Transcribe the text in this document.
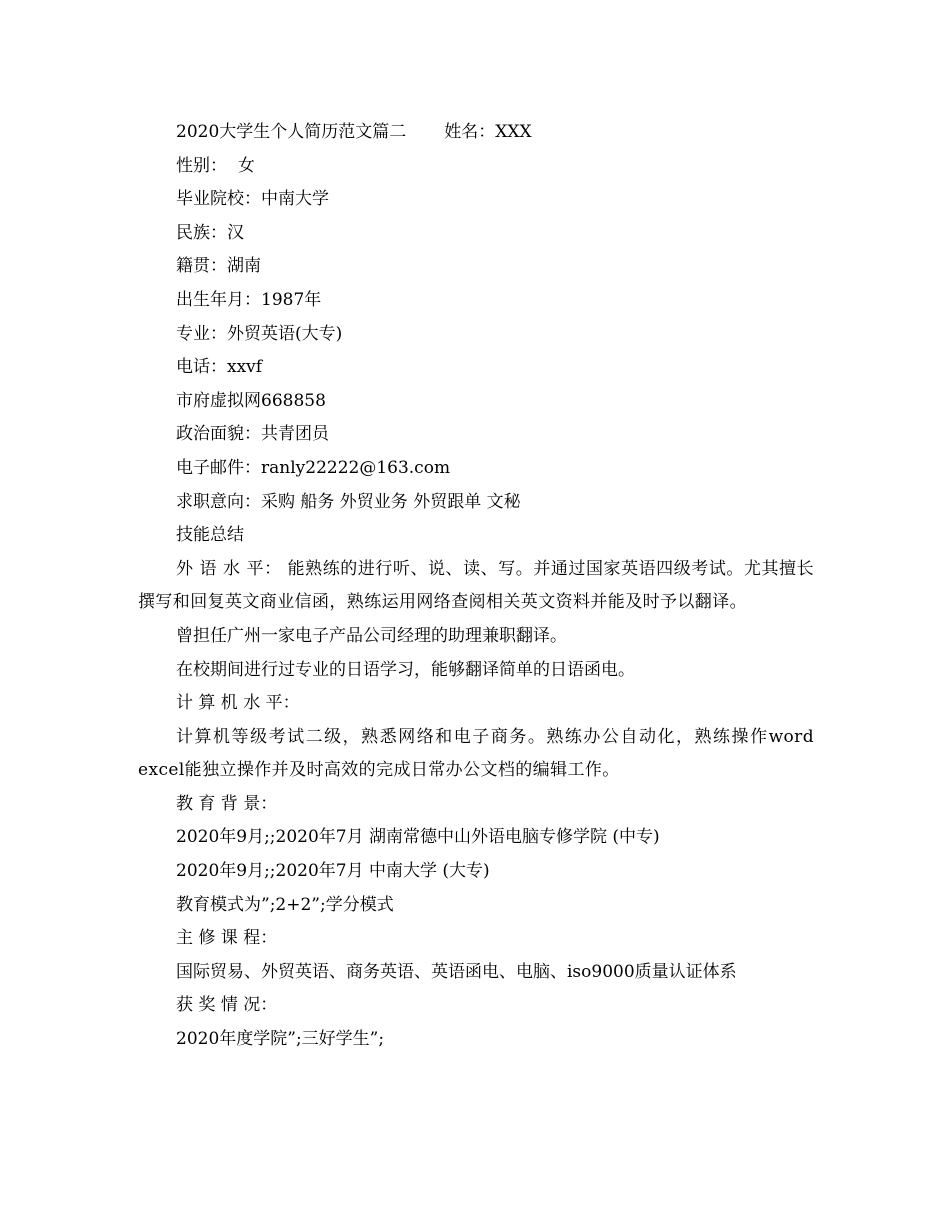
2020大学生个人简历范文篇二 姓名：XXX

性别：  女

毕业院校：中南大学

民族：汉

籍贯：湖南

出生年月：1987年

专业：外贸英语(大专)

电话：xxvf

市府虚拟网668858

政治面貌：共青团员

电子邮件：ranly22222@163.com

求职意向：采购 船务 外贸业务 外贸跟单 文秘

技能总结

外 语 水 平： 能熟练的进行听、说、读、写。并通过国家英语四级考试。尤其擅长撰写和回复英文商业信函，熟练运用网络查阅相关英文资料并能及时予以翻译。

曾担任广州一家电子产品公司经理的助理兼职翻译。

在校期间进行过专业的日语学习，能够翻译简单的日语函电。

计 算 机 水 平：

计算机等级考试二级，熟悉网络和电子商务。熟练办公自动化，熟练操作word excel能独立操作并及时高效的完成日常办公文档的编辑工作。

教 育 背 景：

2020年9月;;2020年7月 湖南常德中山外语电脑专修学院 (中专)

2020年9月;;2020年7月 中南大学 (大专)

教育模式为”;2+2”;学分模式

主 修 课 程：

国际贸易、外贸英语、商务英语、英语函电、电脑、iso9000质量认证体系

获 奖 情 况：

2020年度学院”;三好学生”;
